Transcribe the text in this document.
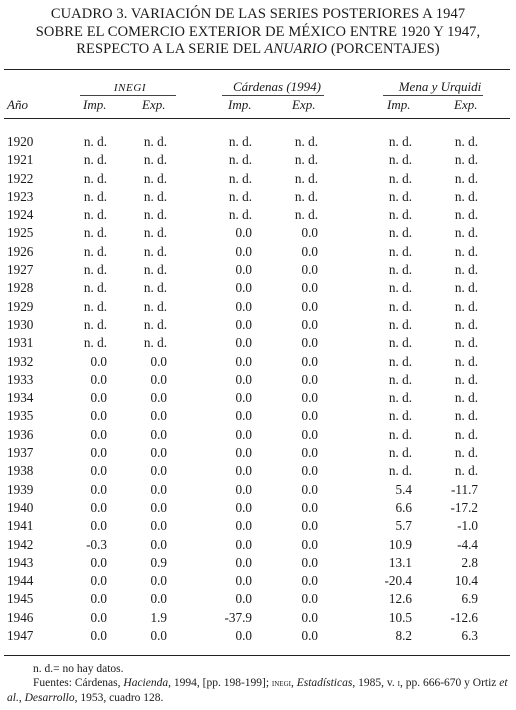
CUADRO 3. VARIACIÓN DE LAS SERIES POSTERIORES A 1947
SOBRE EL COMERCIO EXTERIOR DE MÉXICO ENTRE 1920 Y 1947,
RESPECTO A LA SERIE DEL ANUARIO (PORCENTAJES)
INEGI	Cárdenas (1994)	Mena y Urquidi
Año	Imp.	Exp.	Imp.	Exp.	Imp.	Exp.
1920	n. d.	n. d.	n. d.	n. d.	n. d.	n. d.
1921	n. d.	n. d.	n. d.	n. d.	n. d.	n. d.
1922	n. d.	n. d.	n. d.	n. d.	n. d.	n. d.
1923	n. d.	n. d.	n. d.	n. d.	n. d.	n. d.
1924	n. d.	n. d.	n. d.	n. d.	n. d.	n. d.
1925	n. d.	n. d.	0.0	0.0	n. d.	n. d.
1926	n. d.	n. d.	0.0	0.0	n. d.	n. d.
1927	n. d.	n. d.	0.0	0.0	n. d.	n. d.
1928	n. d.	n. d.	0.0	0.0	n. d.	n. d.
1929	n. d.	n. d.	0.0	0.0	n. d.	n. d.
1930	n. d.	n. d.	0.0	0.0	n. d.	n. d.
1931	n. d.	n. d.	0.0	0.0	n. d.	n. d.
1932	0.0	0.0	0.0	0.0	n. d.	n. d.
1933	0.0	0.0	0.0	0.0	n. d.	n. d.
1934	0.0	0.0	0.0	0.0	n. d.	n. d.
1935	0.0	0.0	0.0	0.0	n. d.	n. d.
1936	0.0	0.0	0.0	0.0	n. d.	n. d.
1937	0.0	0.0	0.0	0.0	n. d.	n. d.
1938	0.0	0.0	0.0	0.0	n. d.	n. d.
1939	0.0	0.0	0.0	0.0	5.4	-11.7
1940	0.0	0.0	0.0	0.0	6.6	-17.2
1941	0.0	0.0	0.0	0.0	5.7	-1.0
1942	-0.3	0.0	0.0	0.0	10.9	-4.4
1943	0.0	0.9	0.0	0.0	13.1	2.8
1944	0.0	0.0	0.0	0.0	-20.4	10.4
1945	0.0	0.0	0.0	0.0	12.6	6.9
1946	0.0	1.9	-37.9	0.0	10.5	-12.6
1947	0.0	0.0	0.0	0.0	8.2	6.3
n. d.= no hay datos.
Fuentes: Cárdenas, Hacienda, 1994, [pp. 198-199]; inegi, Estadísticas, 1985, v. i, pp. 666-670 y Ortiz et al., Desarrollo, 1953, cuadro 128.
